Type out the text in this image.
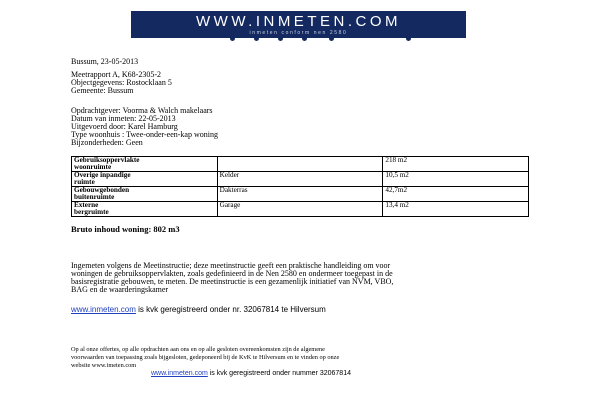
WWW.INMETEN.COM
inmeten conform nen 2580
Bussum, 23-05-2013
Meetrapport A, K68-2305-2
Objectgegevens: Rostocklaan 5
Gemeente: Bussum
Opdrachtgever: Voorma & Walch makelaars
Datum van inmeten: 22-05-2013
Uitgevoerd door: Karel Hamburg
Type woonhuis : Twee-onder-een-kap woning
Bijzonderheden: Geen
Gebruiksoppervlakte
woonruimte		218 m2
Overige inpandige
ruimte	Kelder	10,5 m2
Gebouwgebonden
buitenruimte	Dakterras	42,7m2
Externe
bergruimte	Garage	13,4 m2
Bruto inhoud woning: 802 m3
Ingemeten volgens de Meetinstructie; deze meetinstructie geeft een praktische handleiding om voor
woningen de gebruiksoppervlakten, zoals gedefinieerd in de Nen 2580 en ondermeer toegepast in de
basisregistratie gebouwen, te meten. De meetinstructie is een gezamenlijk initiatief van NVM, VBO,
BAG en de waarderingskamer
www.inmeten.com is kvk geregistreerd onder nr. 32067814 te Hilversum
Op al onze offertes, op alle opdrachten aan ons en op alle gesloten overeenkomsten zijn de algemene
voorwaarden van toepassing zoals bijgesloten, gedeponeerd bij de KvK te Hilversum en te vinden op onze
website www.imeten.com
www.inmeten.com is kvk geregistreerd onder nummer 32067814
